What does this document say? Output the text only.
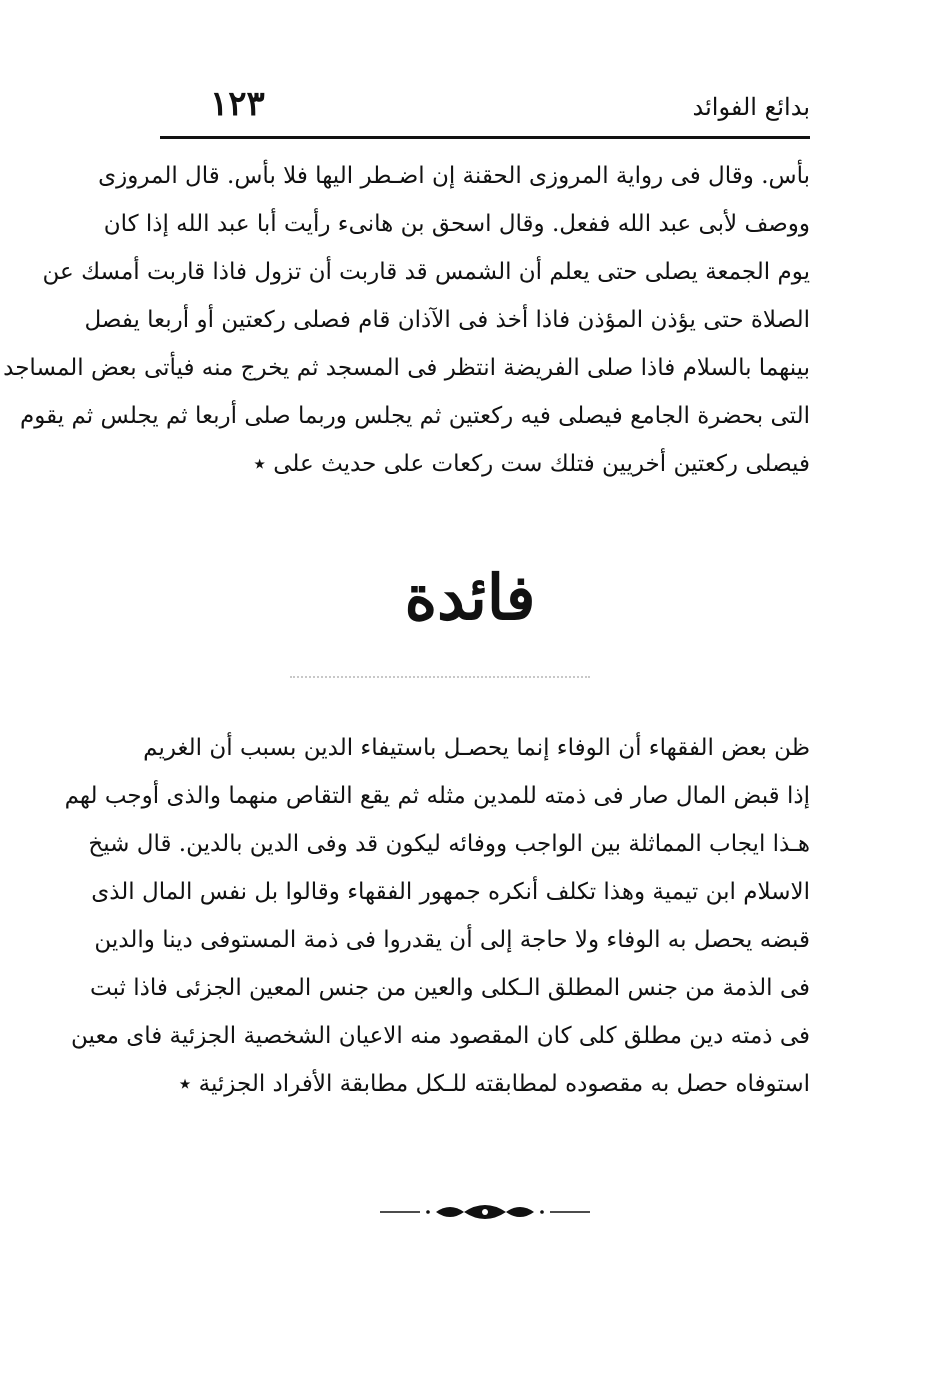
بدائع الفوائد
١٢٣
بأس. وقال فى رواية المروزى الحقنة إن اضـطر اليها فلا بأس. قال المروزى
ووصف لأبى عبد الله ففعل. وقال اسحق بن هانىء رأيت أبا عبد الله إذا كان
يوم الجمعة يصلى حتى يعلم أن الشمس قد قاربت أن تزول فاذا قاربت أمسك عن
الصلاة حتى يؤذن المؤذن فاذا أخذ فى الآذان قام فصلى ركعتين أو أربعا يفصل
بينهما بالسلام فاذا صلى الفريضة انتظر فى المسجد ثم يخرج منه فيأتى بعض المساجد
التى بحضرة الجامع فيصلى فيه ركعتين ثم يجلس وربما صلى أربعا ثم يجلس ثم يقوم
فيصلى ركعتين أخريين فتلك ست ركعات على حديث على ٭
فائدة
ظن بعض الفقهاء أن الوفاء إنما يحصـل باستيفاء الدين بسبب أن الغريم
إذا قبض المال صار فى ذمته للمدين مثله ثم يقع التقاص منهما والذى أوجب لهم
هـذا ايجاب المماثلة بين الواجب ووفائه ليكون قد وفى الدين بالدين. قال شيخ
الاسلام ابن تيمية وهذا تكلف أنكره جمهور الفقهاء وقالوا بل نفس المال الذى
قبضه يحصل به الوفاء ولا حاجة إلى أن يقدروا فى ذمة المستوفى دينا والدين
فى الذمة من جنس المطلق الـكلى والعين من جنس المعين الجزئى فاذا ثبت
فى ذمته دين مطلق كلى كان المقصود منه الاعيان الشخصية الجزئية فاى معين
استوفاه حصل به مقصوده لمطابقته للـكل مطابقة الأفراد الجزئية ٭
